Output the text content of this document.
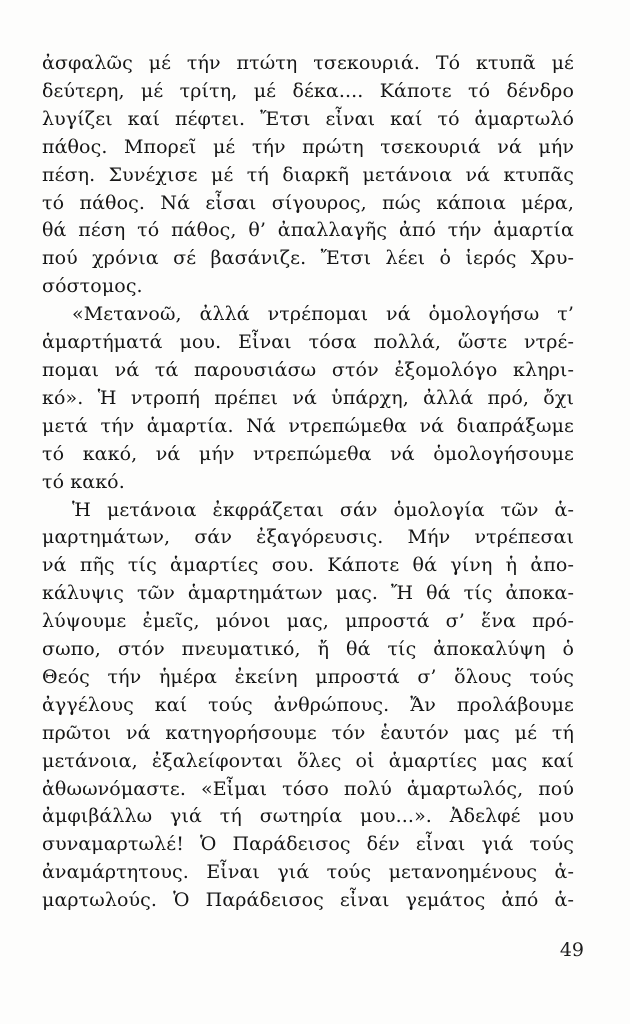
ἀσφαλῶς μέ τήν πτώτη τσεκουριά. Τό κτυπᾶ μέ
δεύτερη, μέ τρίτη, μέ δέκα.... Κάποτε τό δένδρο
λυγίζει καί πέφτει. Ἔτσι εἶναι καί τό ἁμαρτωλό
πάθος. Μπορεῖ μέ τήν πρώτη τσεκουριά νά μήν
πέση. Συνέχισε μέ τή διαρκῆ μετάνοια νά κτυπᾶς
τό πάθος. Νά εἶσαι σίγουρος, πώς κάποια μέρα,
θά πέση τό πάθος, θ’ ἀπαλλαγῆς ἀπό τήν ἁμαρτία
πού χρόνια σέ βασάνιζε. Ἔτσι λέει ὁ ἱερός Χρυ-
σόστομος.
«Μετανοῶ, ἀλλά ντρέπομαι νά ὁμολογήσω τ’
ἁμαρτήματά μου. Εἶναι τόσα πολλά, ὥστε ντρέ-
πομαι νά τά παρουσιάσω στόν ἐξομολόγο κληρι-
κό». Ἡ ντροπή πρέπει νά ὑπάρχη, ἀλλά πρό, ὄχι
μετά τήν ἁμαρτία. Νά ντρεπώμεθα νά διαπράξωμε
τό κακό, νά μήν ντρεπώμεθα νά ὁμολογήσουμε
τό κακό.
Ἡ μετάνοια ἐκφράζεται σάν ὁμολογία τῶν ἁ-
μαρτημάτων, σάν ἐξαγόρευσις. Μήν ντρέπεσαι
νά πῆς τίς ἁμαρτίες σου. Κάποτε θά γίνη ἡ ἀπο-
κάλυψις τῶν ἁμαρτημάτων μας. Ἤ θά τίς ἀποκα-
λύψουμε ἐμεῖς, μόνοι μας, μπροστά σ’ ἕνα πρό-
σωπο, στόν πνευματικό, ἤ θά τίς ἀποκαλύψη ὁ
Θεός τήν ἡμέρα ἐκείνη μπροστά σ’ ὅλους τούς
ἀγγέλους καί τούς ἀνθρώπους. Ἄν προλάβουμε
πρῶτοι νά κατηγορήσουμε τόν ἑαυτόν μας μέ τή
μετάνοια, ἐξαλείφονται ὅλες οἱ ἁμαρτίες μας καί
ἀθωωνόμαστε. «Εἶμαι τόσο πολύ ἁμαρτωλός, πού
ἀμφιβάλλω γιά τή σωτηρία μου...». Ἀδελφέ μου
συναμαρτωλέ! Ὁ Παράδεισος δέν εἶναι γιά τούς
ἀναμάρτητους. Εἶναι γιά τούς μετανοημένους ἁ-
μαρτωλούς. Ὁ Παράδεισος εἶναι γεμάτος ἀπό ἁ-
49
